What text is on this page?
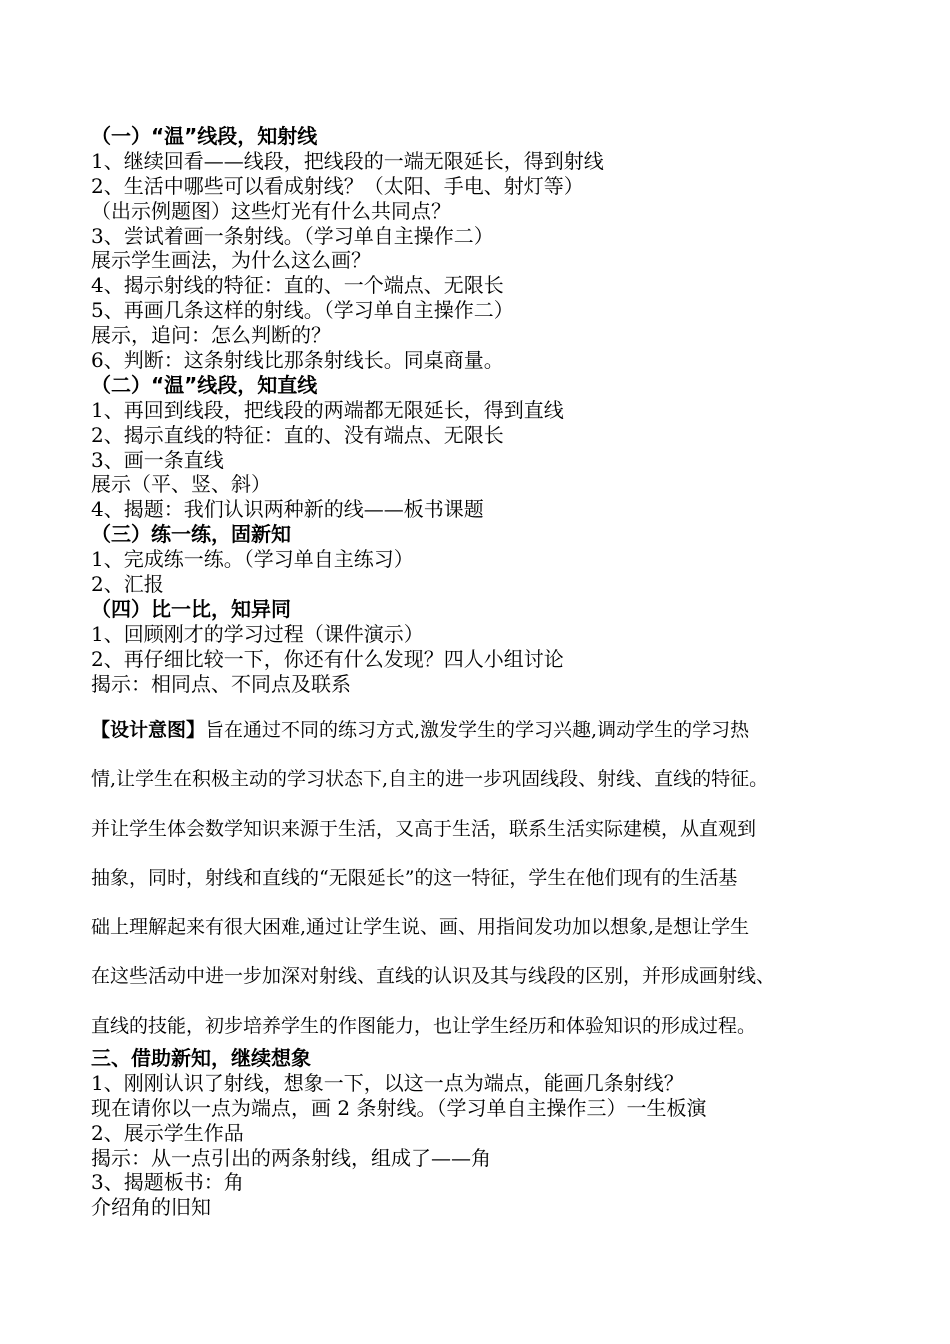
（一）“温”线段，知射线
1、继续回看——线段，把线段的一端无限延长，得到射线
2、生活中哪些可以看成射线？（太阳、手电、射灯等）
（出示例题图）这些灯光有什么共同点？
3、尝试着画一条射线。（学习单自主操作二）
展示学生画法，为什么这么画？
4、揭示射线的特征：直的、一个端点、无限长
5、再画几条这样的射线。（学习单自主操作二）
展示，追问：怎么判断的？
6、判断：这条射线比那条射线长。同桌商量。
（二）“温”线段，知直线
1、再回到线段，把线段的两端都无限延长，得到直线
2、揭示直线的特征：直的、没有端点、无限长
3、画一条直线
展示（平、竖、斜）
4、揭题：我们认识两种新的线——板书课题
（三）练一练，固新知
1、完成练一练。（学习单自主练习）
2、汇报
（四）比一比，知异同
1、回顾刚才的学习过程（课件演示）
2、再仔细比较一下，你还有什么发现？四人小组讨论
揭示：相同点、不同点及联系
【设计意图】旨在通过不同的练习方式,激发学生的学习兴趣,调动学生的学习热
情,让学生在积极主动的学习状态下,自主的进一步巩固线段、射线、直线的特征。
并让学生体会数学知识来源于生活，又高于生活，联系生活实际建模，从直观到
抽象，同时，射线和直线的“无限延长”的这一特征，学生在他们现有的生活基
础上理解起来有很大困难,通过让学生说、画、用指间发功加以想象,是想让学生
在这些活动中进一步加深对射线、直线的认识及其与线段的区别，并形成画射线、
直线的技能，初步培养学生的作图能力，也让学生经历和体验知识的形成过程。
三、借助新知，继续想象
1、刚刚认识了射线，想象一下，以这一点为端点，能画几条射线？
现在请你以一点为端点，画 2 条射线。（学习单自主操作三）一生板演
2、展示学生作品
揭示：从一点引出的两条射线，组成了——角
3、揭题板书：角
介绍角的旧知
